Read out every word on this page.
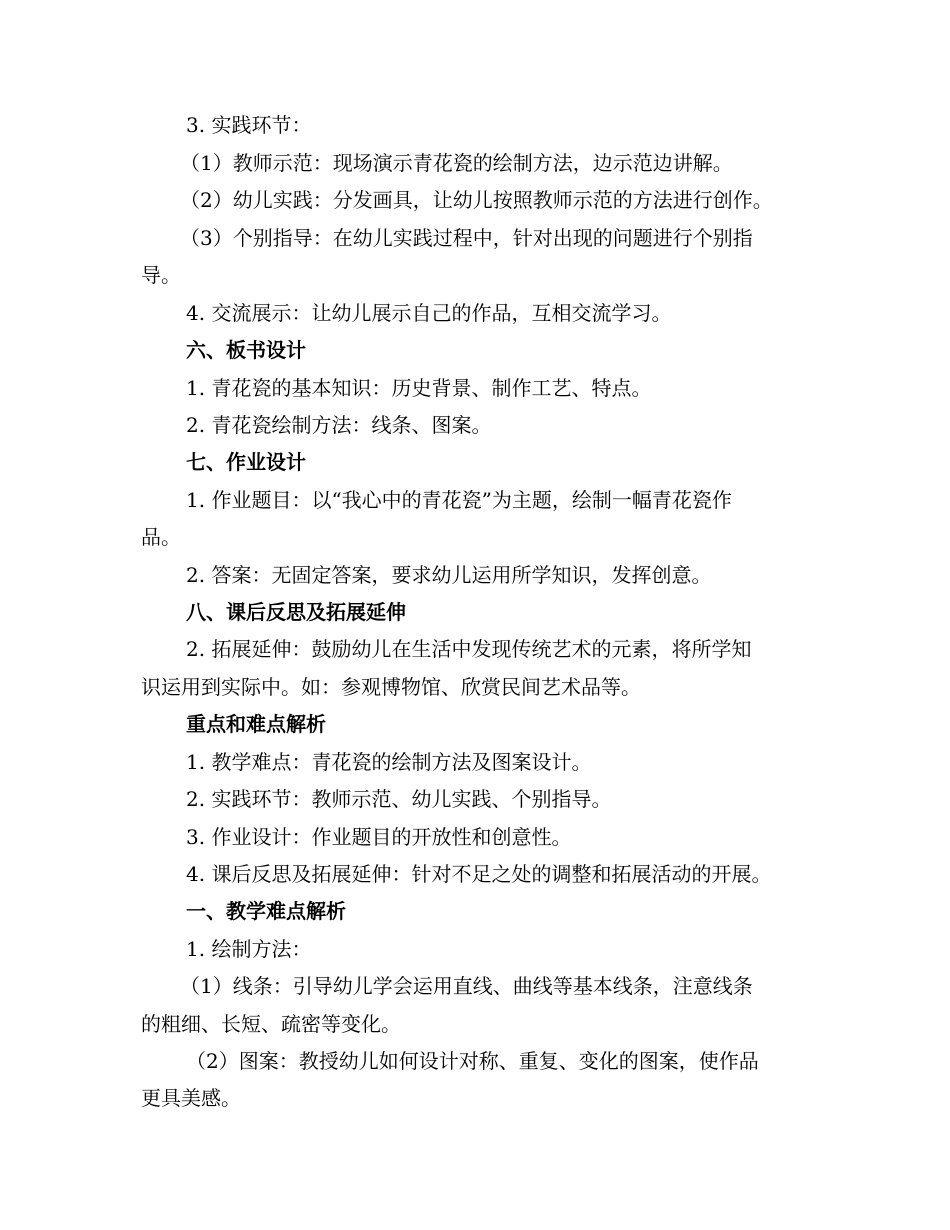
3. 实践环节：
（1）教师示范：现场演示青花瓷的绘制方法，边示范边讲解。
（2）幼儿实践：分发画具，让幼儿按照教师示范的方法进行创作。
（3）个别指导：在幼儿实践过程中，针对出现的问题进行个别指
导。
4. 交流展示：让幼儿展示自己的作品，互相交流学习。
六、板书设计
1. 青花瓷的基本知识：历史背景、制作工艺、特点。
2. 青花瓷绘制方法：线条、图案。
七、作业设计
1. 作业题目：以“我心中的青花瓷”为主题，绘制一幅青花瓷作
品。
2. 答案：无固定答案，要求幼儿运用所学知识，发挥创意。
八、课后反思及拓展延伸
2. 拓展延伸：鼓励幼儿在生活中发现传统艺术的元素，将所学知
识运用到实际中。如：参观博物馆、欣赏民间艺术品等。
重点和难点解析
1. 教学难点：青花瓷的绘制方法及图案设计。
2. 实践环节：教师示范、幼儿实践、个别指导。
3. 作业设计：作业题目的开放性和创意性。
4. 课后反思及拓展延伸：针对不足之处的调整和拓展活动的开展。
一、教学难点解析
1. 绘制方法：
（1）线条：引导幼儿学会运用直线、曲线等基本线条，注意线条
的粗细、长短、疏密等变化。
（2）图案：教授幼儿如何设计对称、重复、变化的图案，使作品
更具美感。
